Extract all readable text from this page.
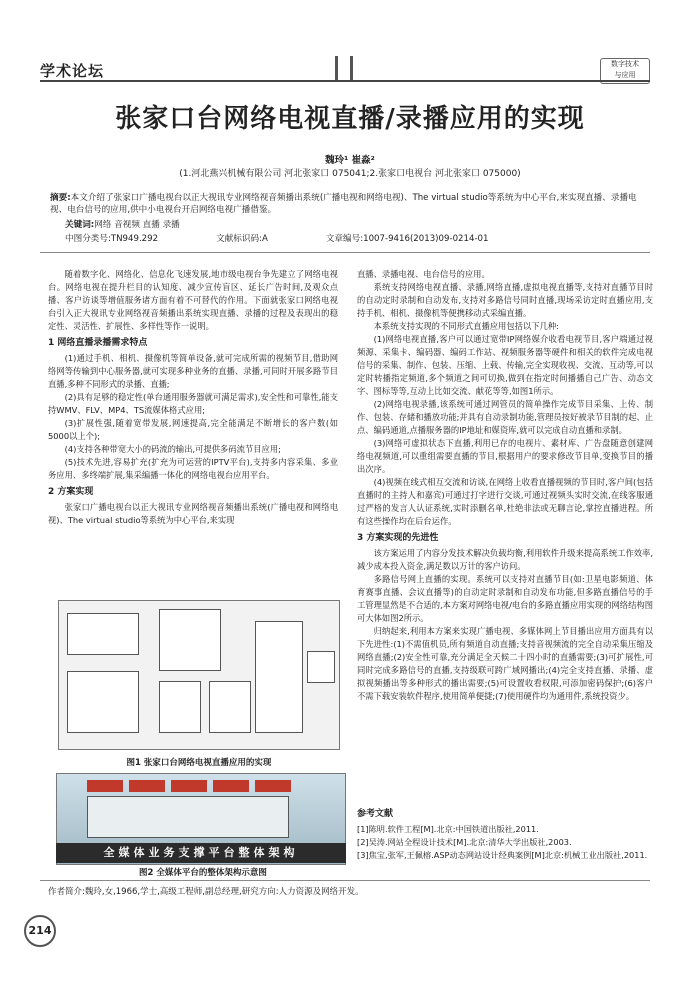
学术论坛	数字技术
与应用
张家口台网络电视直播/录播应用的实现
魏玲¹ 崔淼²
(1.河北燕兴机械有限公司 河北张家口 075041;2.张家口电视台 河北张家口 075000)
摘要:本文介绍了张家口广播电视台以正大视讯专业网络视音频播出系统(广播电视和网络电视)、The virtual studio等系统为中心平台,来实现直播、录播电视、电台信号的应用,供中小电视台开启网络电视广播借鉴。
关键词:网络 音视频 直播 录播
中图分类号:TN949.292	文献标识码:A	文章编号:1007-9416(2013)09-0214-01

随着数字化、网络化、信息化飞速发展,地市级电视台争先建立了网络电视台。网络电视在提升栏目的认知度、减少宣传盲区、延长广告时间,及观众点播、客户访谈等增值服务诸方面有着不可替代的作用。下面就张家口网络电视台引入正大视讯专业网络视音频播出系统实现直播、录播的过程及表现出的稳定性、灵活性、扩展性、多样性等作一说明。

1 网络直播录播需求特点

(1)通过手机、相机、摄像机等简单设备,就可完成所需的视频节目,借助网络网等传输到中心服务器,就可实现多种业务的直播、录播,可同时开展多路节目直播,多种不同形式的录播、直播;

(2)具有足够的稳定性(单台通用服务器就可满足需求),安全性和可靠性,能支持WMV、FLV、MP4、TS流媒体格式应用;

(3)扩展性强,随着宽带发展,网速提高,完全能满足不断增长的客户数(如5000以上个);

(4)支持各种带宽大小的码流的输出,可提供多码流节目应用;

(5)技术先进,容易扩充(扩充为可运营的IPTV平台),支持多内容采集、多业务应用、多终端扩展,集采编播一体化的网络电视台应用平台。

2 方案实现

张家口广播电视台以正大视讯专业网络视音频播出系统(广播电视和网络电视)、The virtual studio等系统为中心平台,来实现

图1 张家口台网络电视直播应用的实现
全媒体业务支撑平台整体架构
图2 全媒体平台的整体架构示意图

直播、录播电视、电台信号的应用。

系统支持网络电视直播、录播,网络直播,虚拟电视直播等,支持对直播节目时的自动定时录制和自动发布,支持对多路信号同时直播,现场采访定时直播应用,支持手机、相机、摄像机等便携移动式采编直播。

本系统支持实现的不同形式直播应用包括以下几种:

(1)网络电视直播,客户可以通过宽带IP网络媒介收看电视节目,客户端通过视频源、采集卡、编码器、编码工作站、视频服务器等硬件和相关的软件完成电视信号的采集、制作、包装、压缩、上载、传输,完全实现收视、交流、互动等,可以定时转播指定频道,多个频道之间可切换,做到在指定时间播播自己广告、动态文字、图标等等,互动上比如交流、献花等等,如图1所示。

(2)网络电视录播,该系统可通过网管员的简单操作完成节目采集、上传、制作、包装、存储和播放功能;并具有自动录制功能,管理员按好被录节目制的起、止点、编码通道,点播服务器的IP地址和媒资库,就可以完成自动直播和录制。

(3)网络可虚拟状态下直播,利用已存的电视片、素材库、广告盘随意创建网络电视频道,可以重组需要直播的节目,根据用户的要求修改节目单,变换节目的播出次序。

(4)视频在线式相互交流和访谈,在网络上收看直播视频的节目时,客户间(包括直播时的主持人和嘉宾)可通过打字进行交谈,可通过视频头实时交流,在线客服通过严格的发言人认证系统,实时添删名单,杜绝非法或无聊言论,掌控直播进程。所有这些操作均在后台运作。

3 方案实现的先进性

该方案运用了内容分发技术解决负载均衡,利用软件升级来提高系统工作效率,减少成本投入资金,满足数以万计的客户访问。

多路信号网上直播的实现。系统可以支持对直播节目(如:卫星电影频道、体育赛事直播、会议直播等)的自动定时录制和自动发布功能,但多路直播信号的手工管理显然是不合适的,本方案对网络电视/电台的多路直播应用实现的网络结构图可大体如图2所示。

归纳起来,利用本方案来实现广播电视、多媒体网上节目播出应用方面具有以下先进性:(1)不需值机员,所有频道自动直播;支持音视频流的完全自动采集压缩及网络直播;(2)安全性可靠,充分满足全天候二十四小时的直播需要;(3)可扩展性,可同时完成多路信号的直播,支持级联可跨广域网播出;(4)完全支持直播、录播、虚拟视频播出等多种形式的播出需要;(5)可设置收看权限,可添加密码保护;(6)客户不需下载安装软件程序,使用简单便捷;(7)使用硬件均为通用件,系统投资少。

参考文献
[1]陈明.软件工程[M].北京:中国铁道出版社,2011.
[2]吴涛.网站全程设计技术[M].北京:清华大学出版社,2003.
[3]焦宝,张军,王佩榕.ASP动态网站设计经典案例[M]北京:机械工业出版社,2011.
作者简介:魏玲,女,1966,学士,高级工程师,副总经理,研究方向:人力资源及网络开发。
214
